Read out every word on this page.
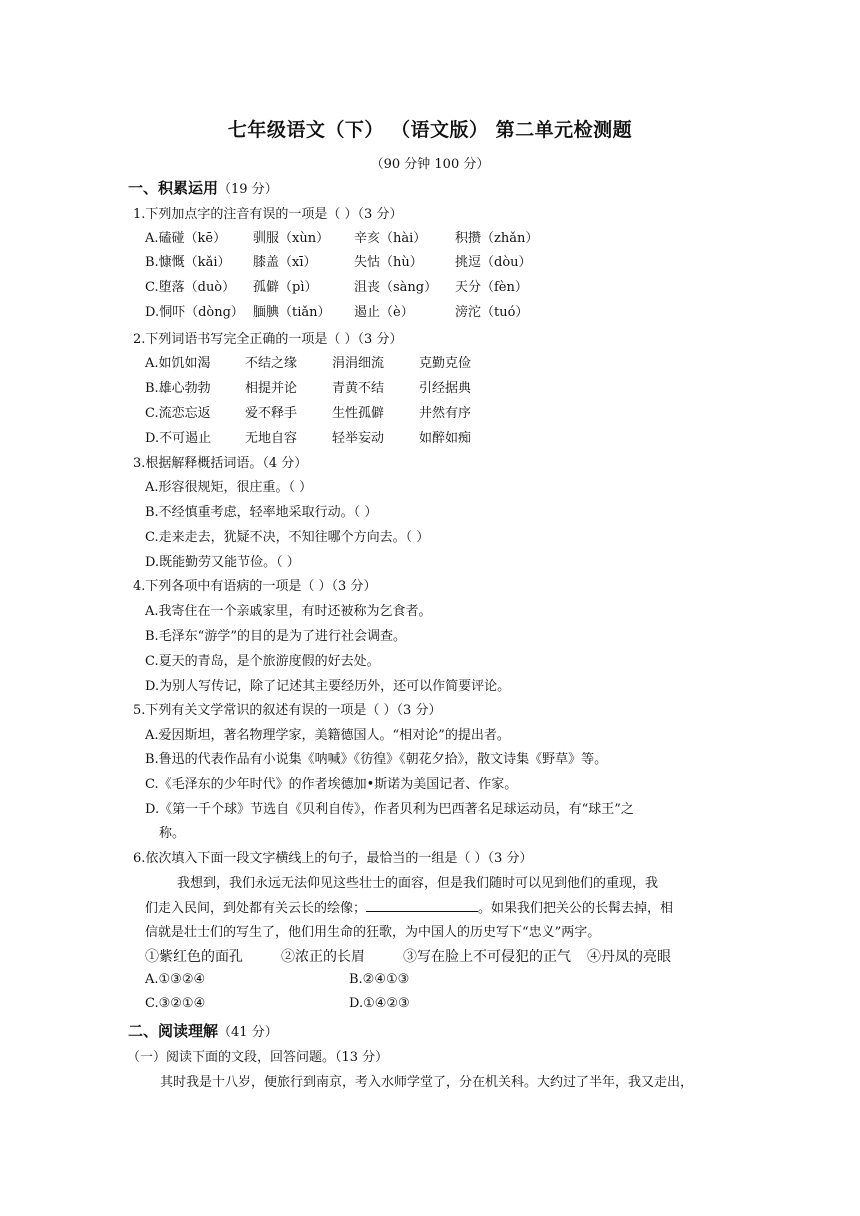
七年级语文（下） （语文版） 第二单元检测题
（90 分钟 100 分）
一、积累运用（19 分）
1.下列加点字的注音有误的一项是（ ）（3 分）
A.磕碰（kē） 驯服（xùn） 辛亥（hài） 积攒（zhǎn）
B.慷慨（kǎi） 膝盖（xī）	失怙（hù） 挑逗（dòu）
C.堕落（duò） 孤僻（pì）	沮丧（sàng） 天分（fèn）
D.恫吓（dòng） 腼腆（tiǎn） 遏止（è）	滂沱（tuó）
2.下列词语书写完全正确的一项是（ ）（3 分）
A.如饥如渴	不结之缘	涓涓细流	克勤克俭
B.雄心勃勃	相提并论	青黄不结	引经据典
C.流恋忘返	爱不释手	生性孤僻	井然有序
D.不可遏止	无地自容	轻举妄动	如醉如痴
3.根据解释概括词语。（4 分）
A.形容很规矩，很庄重。（ ）
B.不经慎重考虑，轻率地采取行动。（ ）
C.走来走去，犹疑不决，不知往哪个方向去。（ ）
D.既能勤劳又能节俭。（ ）
4.下列各项中有语病的一项是（ ）（3 分）
A.我寄住在一个亲戚家里，有时还被称为乞食者。
B.毛泽东“游学”的目的是为了进行社会调查。
C.夏天的青岛，是个旅游度假的好去处。
D.为别人写传记，除了记述其主要经历外，还可以作简要评论。
5.下列有关文学常识的叙述有误的一项是（ ）（3 分）
A.爱因斯坦，著名物理学家，美籍德国人。“相对论”的提出者。
B.鲁迅的代表作品有小说集《呐喊》《彷徨》《朝花夕拾》，散文诗集《野草》等。
C.《毛泽东的少年时代》的作者埃德加•斯诺为美国记者、作家。
D.《第一千个球》节选自《贝利自传》，作者贝利为巴西著名足球运动员，有“球王”之
称。
6.依次填入下面一段文字横线上的句子，最恰当的一组是（ ）（3 分）
我想到，我们永远无法仰见这些壮士的面容，但是我们随时可以见到他们的重现，我
们走入民间，到处都有关云长的绘像；	。如果我们把关公的长髯去掉，相
信就是壮士们的写生了，他们用生命的狂歌，为中国人的历史写下“忠义”两字。
①紫红色的面孔	②浓正的长眉	③写在脸上不可侵犯的正气 ④丹凤的亮眼
A.①③②④	B.②④①③
C.③②①④	D.①④②③
二、阅读理解（41 分）
（一）阅读下面的文段，回答问题。（13 分）
其时我是十八岁，便旅行到南京，考入水师学堂了，分在机关科。大约过了半年，我又走出，
